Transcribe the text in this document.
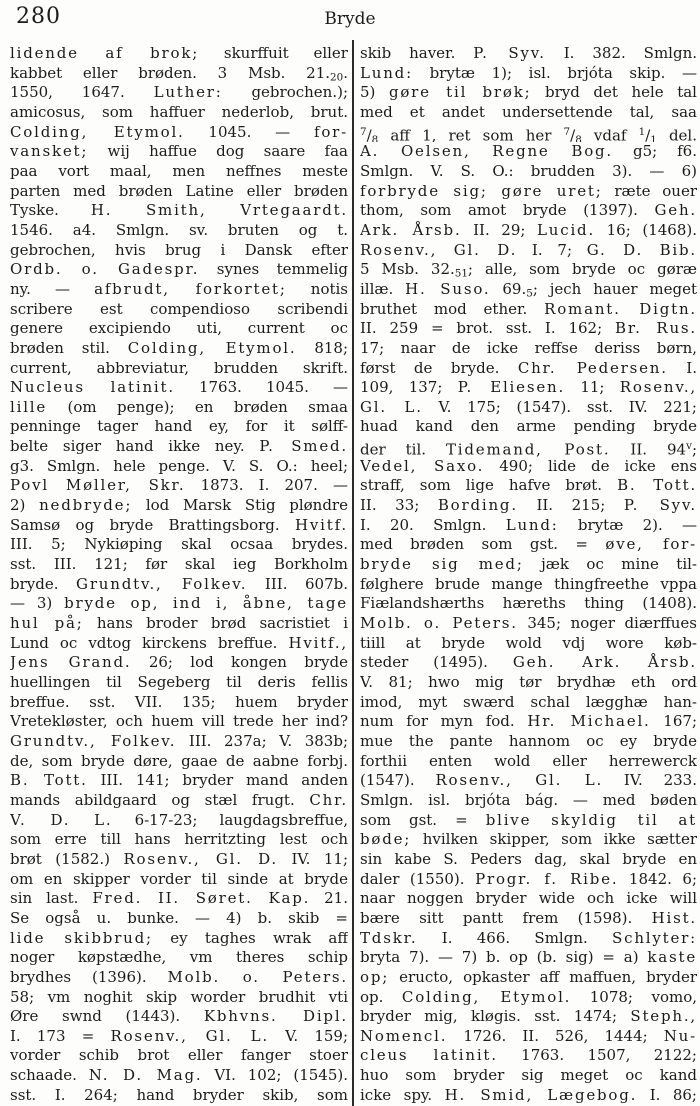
280	Bryde
lidende af brok; skurffuit eller
kabbet eller brøden. 3 Msb. 21.20.
1550, 1647. Luther: gebrochen.);
amicosus, som haffuer nederlob, brut.
Colding, Etymol. 1045. — for-
vansket; wij haffue dog saare faa
paa vort maal, men neffnes meste
parten med brøden Latine eller brøden
Tyske. H. Smith, Vrtegaardt.
1546. a4. Smlgn. sv. bruten og t.
gebrochen, hvis brug i Dansk efter
Ordb. o. Gadespr. synes temmelig
ny. — afbrudt, forkortet; notis
scribere est compendioso scribendi
genere excipiendo uti, current oc
brøden stil. Colding, Etymol. 818;
current, abbreviatur, brudden skrift.
Nucleus latinit. 1763. 1045. —
lille (om penge); en brøden smaa
penninge tager hand ey, for it sølff-
belte siger hand ikke ney. P. Smed.
g3. Smlgn. hele penge. V. S. O.: heel;
Povl Møller, Skr. 1873. I. 207. —
2) nedbryde; lod Marsk Stig pløndre
Samsø og bryde Brattingsborg. Hvitf.
III. 5; Nykiøping skal ocsaa brydes.
sst. III. 121; før skal ieg Borkholm
bryde. Grundtv., Folkev. III. 607b.
— 3) bryde op, ind i, åbne, tage
hul på; hans broder brød sacristiet i
Lund oc vdtog kirckens breffue. Hvitf.,
Jens Grand. 26; lod kongen bryde
huellingen til Segeberg til deris fellis
breffue. sst. VII. 135; huem bryder
Vretekløster, och huem vill trede her ind?
Grundtv., Folkev. III. 237a; V. 383b;
de, som bryde døre, gaae de aabne forbj.
B. Tott. III. 141; bryder mand anden
mands abildgaard og stæl frugt. Chr.
V. D. L. 6-17-23; laugdagsbreffue,
som erre till hans herritzting lest och
brøt (1582.) Rosenv., Gl. D. IV. 11;
om en skipper vorder til sinde at bryde
sin last. Fred. II. Søret. Kap. 21.
Se også u. bunke. — 4) b. skib =
lide skibbrud; ey taghes wrak aff
noger køpstædhe, vm theres schip
brydhes (1396). Molb. o. Peters.
58; vm noghit skip worder brudhit vti
Øre swnd (1443). Kbhvns. Dipl.
I. 173 = Rosenv., Gl. L. V. 159;
vorder schib brot eller fanger stoer
schaade. N. D. Mag. VI. 102; (1545).
sst. I. 264; hand bryder skib, som
skib haver. P. Syv. I. 382. Smlgn.
Lund: brytæ 1); isl. brjóta skip. —
5) gøre til brøk; bryd det hele tal
med et andet undersettende tal, saa
$^7$/8 aff 1, ret som her $^7$/8 vdaf $^1$/1 del.
A. Oelsen, Regne Bog. g5; f6.
Smlgn. V. S. O.: brudden 3). — 6)
forbryde sig; gøre uret; ræte ouer
thom, som amot bryde (1397). Geh.
Ark. Årsb. II. 29; Lucid. 16; (1468).
Rosenv., Gl. D. I. 7; G. D. Bib.
5 Msb. 32.51; alle, som bryde oc gøræ
illæ. H. Suso. 69.5; jech hauer meget
bruthet mod ether. Romant. Digtn.
II. 259 = brot. sst. I. 162; Br. Rus.
17; naar de icke reffse deriss børn,
først de bryde. Chr. Pedersen. I.
109, 137; P. Eliesen. 11; Rosenv.,
Gl. L. V. 175; (1547). sst. IV. 221;
huad kand den arme pending bryde
der til. Tidemand, Post. II. 94$^v$;
Vedel, Saxo. 490; lide de icke ens
straff, som lige hafve brøt. B. Tott.
II. 33; Bording. II. 215; P. Syv.
I. 20. Smlgn. Lund: brytæ 2). —
med brøden som gst. = øve, for-
bryde sig med; jæk oc mine til-
følghere brude mange thingfreethe vppa
Fiælandshærths hæreths thing (1408).
Molb. o. Peters. 345; noger diærffues
tiill at bryde wold vdj wore køb-
steder (1495). Geh. Ark. Årsb.
V. 81; hwo mig tør brydhæ eth ord
imod, myt swærd schal lægghæ han-
num for myn fod. Hr. Michael. 167;
mue the pante hannom oc ey bryde
forthii enten wold eller herrewerck
(1547). Rosenv., Gl. L. IV. 233.
Smlgn. isl. brjóta bág. — med bøden
som gst. = blive skyldig til at
bøde; hvilken skipper, som ikke sætter
sin kabe S. Peders dag, skal bryde en
daler (1550). Progr. f. Ribe. 1842. 6;
naar noggen bryder wide och icke will
bære sitt pantt frem (1598). Hist.
Tdskr. I. 466. Smlgn. Schlyter:
bryta 7). — 7) b. op (b. sig) = a) kaste
op; eructo, opkaster aff maffuen, bryder
op. Colding, Etymol. 1078; vomo,
bryder mig, kløgis. sst. 1474; Steph.,
Nomencl. 1726. II. 526, 1444; Nu-
cleus latinit. 1763. 1507, 2122;
huo som bryder sig meget oc kand
icke spy. H. Smid, Lægebog. I. 86;
